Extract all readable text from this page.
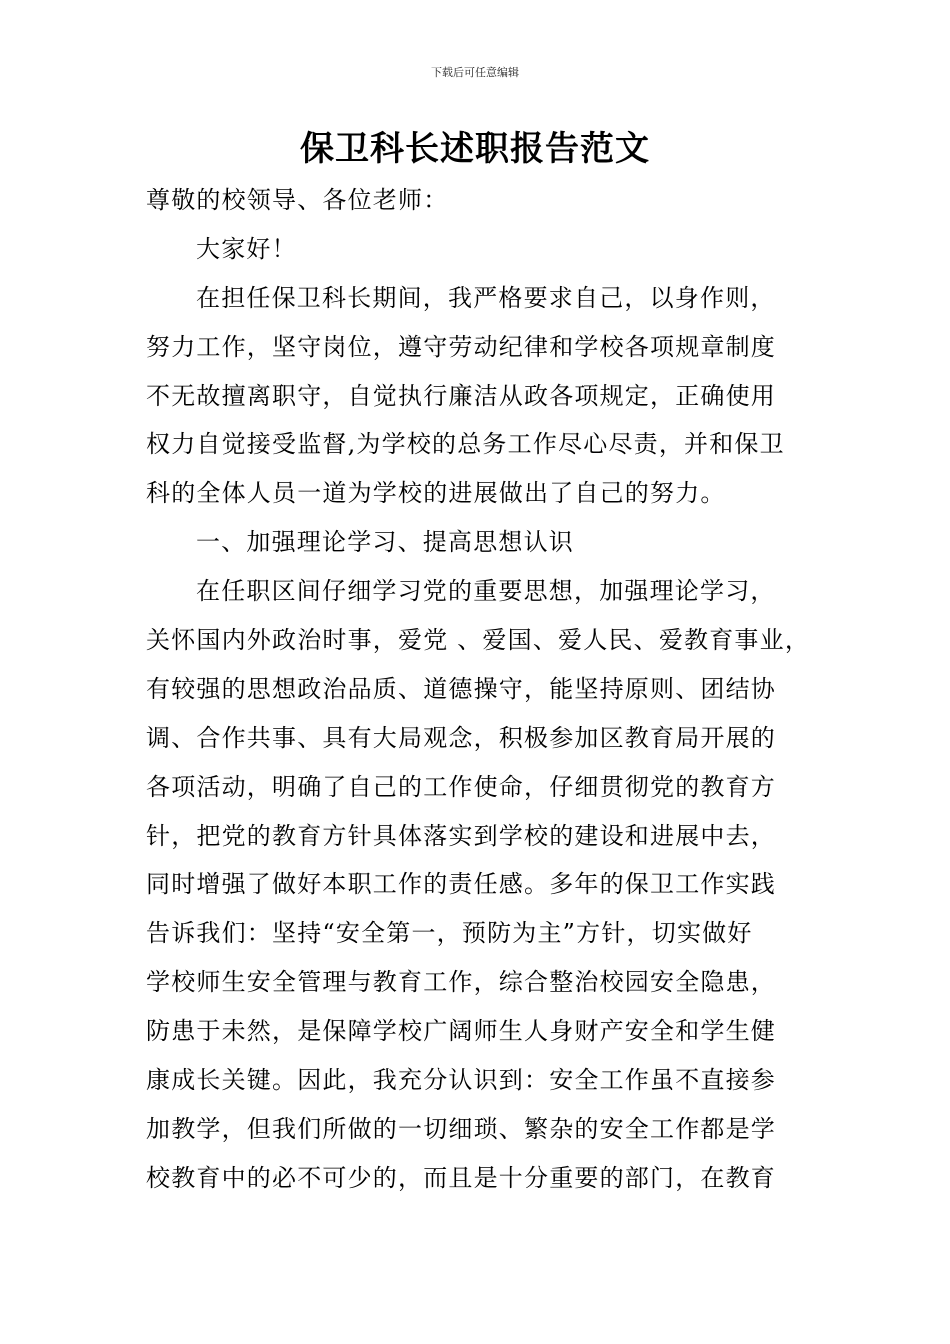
下载后可任意编辑
保卫科长述职报告范文
尊敬的校领导、各位老师：
大家好！
在担任保卫科长期间，我严格要求自己，以身作则，
努力工作，坚守岗位，遵守劳动纪律和学校各项规章制度
不无故擅离职守，自觉执行廉洁从政各项规定，正确使用
权力自觉接受监督,为学校的总务工作尽心尽责，并和保卫
科的全体人员一道为学校的进展做出了自己的努力。
一、加强理论学习、提高思想认识
在任职区间仔细学习党的重要思想，加强理论学习，
关怀国内外政治时事，爱党 、爱国、爱人民、爱教育事业，
有较强的思想政治品质、道德操守，能坚持原则、团结协
调、合作共事、具有大局观念，积极参加区教育局开展的
各项活动，明确了自己的工作使命，仔细贯彻党的教育方
针，把党的教育方针具体落实到学校的建设和进展中去，
同时增强了做好本职工作的责任感。多年的保卫工作实践
告诉我们：坚持“安全第一，预防为主”方针，切实做好
学校师生安全管理与教育工作，综合整治校园安全隐患，
防患于未然，是保障学校广阔师生人身财产安全和学生健
康成长关键。因此，我充分认识到：安全工作虽不直接参
加教学，但我们所做的一切细琐、繁杂的安全工作都是学
校教育中的必不可少的，而且是十分重要的部门，在教育
